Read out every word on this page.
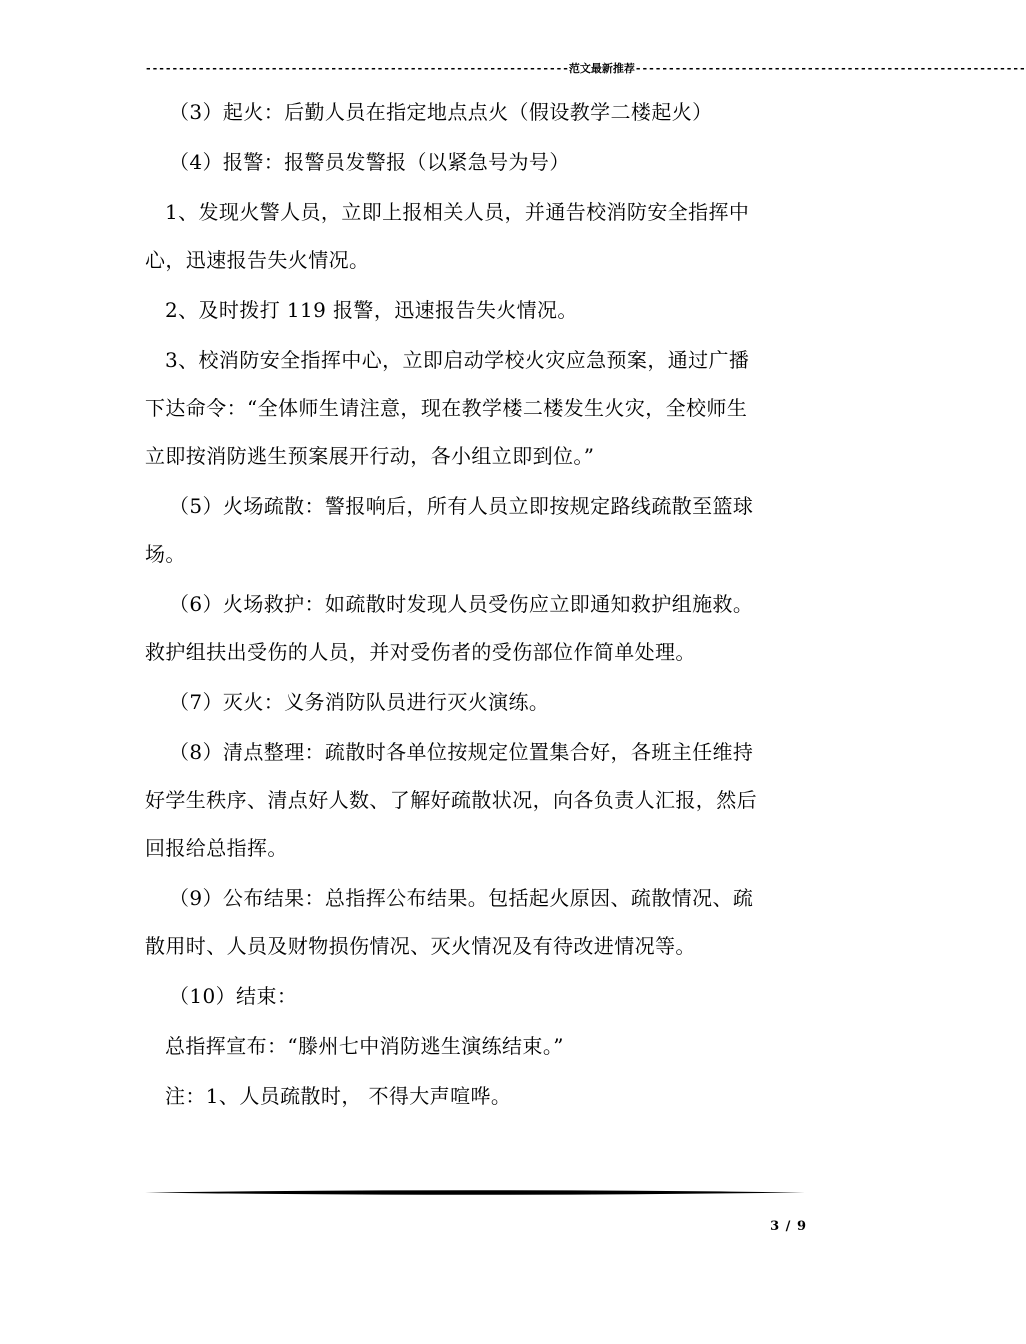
----------------------------------------------------------------范文最新推荐-----------------------------------------------------------

（3）起火：后勤人员在指定地点点火（假设教学二楼起火）

（4）报警：报警员发警报（以紧急号为号）

1、发现火警人员，立即上报相关人员，并通告校消防安全指挥中

心，迅速报告失火情况。

2、及时拨打 119 报警，迅速报告失火情况。

3、校消防安全指挥中心，立即启动学校火灾应急预案，通过广播

下达命令：“全体师生请注意，现在教学楼二楼发生火灾，全校师生

立即按消防逃生预案展开行动，各小组立即到位。”

（5）火场疏散：警报响后，所有人员立即按规定路线疏散至篮球

场。

（6）火场救护：如疏散时发现人员受伤应立即通知救护组施救。

救护组扶出受伤的人员，并对受伤者的受伤部位作简单处理。

（7）灭火：义务消防队员进行灭火演练。

（8）清点整理：疏散时各单位按规定位置集合好，各班主任维持

好学生秩序、清点好人数、了解好疏散状况，向各负责人汇报，然后

回报给总指挥。

（9）公布结果：总指挥公布结果。包括起火原因、疏散情况、疏

散用时、人员及财物损伤情况、灭火情况及有待改进情况等。

（10）结束：

总指挥宣布：“滕州七中消防逃生演练结束。”

注：1、人员疏散时， 不得大声喧哗。

3 / 9
